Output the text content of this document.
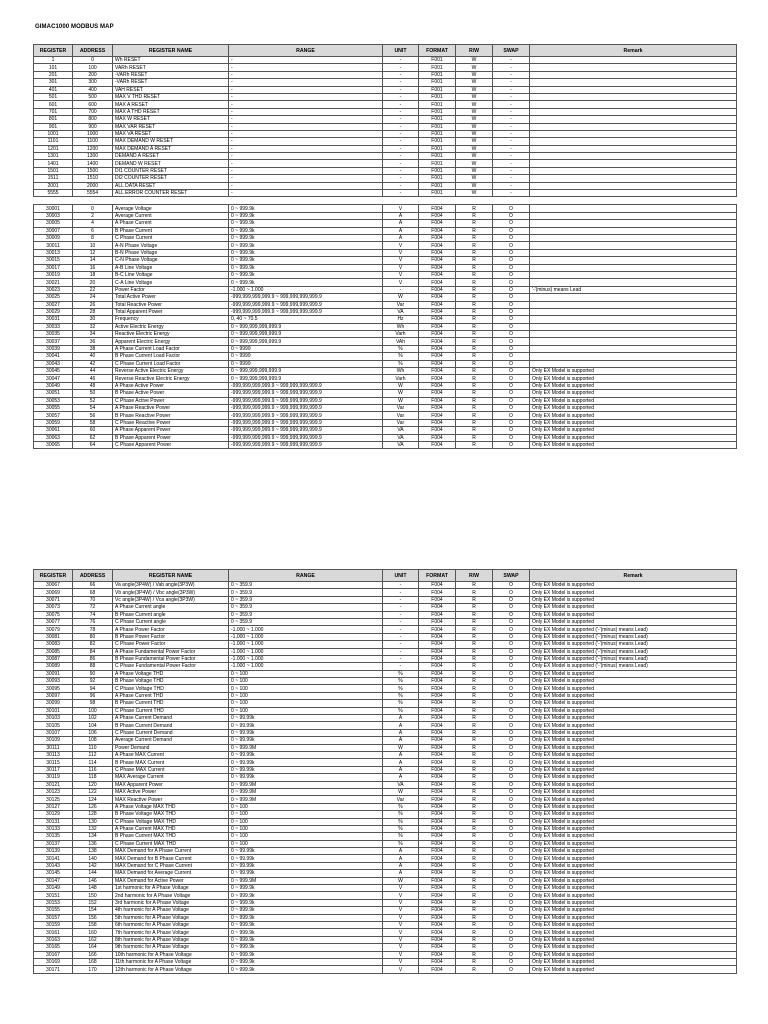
GIMAC1000 MODBUS MAP
REGISTER	ADDRESS	REGISTER NAME	RANGE	UNIT	FORMAT	R/W	SWAP	Remark
1	0	Wh RESET	-	-	F001	W	-	
101	100	VARh RESET	-	-	F001	W	-	
201	200	-VARh RESET	-	-	F001	W	-	
301	300	-VARh RESET	-	-	F001	W	-	
401	400	VAH RESET	-	-	F001	W	-	
501	500	MAX V THD RESET	-	-	F001	W	-	
601	600	MAX A RESET	-	-	F001	W	-	
701	700	MAX A THD RESET	-	-	F001	W	-	
801	800	MAX W RESET	-	-	F001	W	-	
901	900	MAX VAR RESET	-	-	F001	W	-	
1001	1000	MAX VA RESET	-	-	F001	W	-	
1101	1100	MAX DEMAND W RESET	-	-	F001	W	-	
1201	1200	MAX DEMAND A RESET	-	-	F001	W	-	
1301	1300	DEMAND A RESET	-	-	F001	W	-	
1401	1400	DEMAND W RESET	-	-	F001	W	-	
1501	1500	DI1 COUNTER RESET	-	-	F001	W	-	
1511	1510	DI2 COUNTER RESET	-	-	F001	W	-	
2001	2000	ALL DATA RESET	-	-	F001	W	-	
5555	5554	ALL ERROR COUNTER RESET	-	-	F001	W	-	

30001	0	Average Voltage	0 ~ 999.9k	V	F004	R	O	
30003	2	Average Current	0 ~ 999.9k	A	F004	R	O	
30005	4	A Phase Current	0 ~ 999.9k	A	F004	R	O	
30007	6	B Phase Current	0 ~ 999.9k	A	F004	R	O	
30009	8	C Phase Current	0 ~ 999.9k	A	F004	R	O	
30011	10	A-N Phase Voltage	0 ~ 999.9k	V	F004	R	O	
30013	12	B-N Phase Voltage	0 ~ 999.9k	V	F004	R	O	
30015	14	C-N Phase Voltage	0 ~ 999.9k	V	F004	R	O	
30017	16	A-B Line Voltage	0 ~ 999.9k	V	F004	R	O	
30019	18	B-C Line Voltage	0 ~ 999.9k	V	F004	R	O	
30021	20	C-A Line Voltage	0 ~ 999.9k	V	F004	R	O	
30023	22	Power Factor	-1.000 ~ 1.000	-	F004	R	O	'-'(minus) means Lead
30025	24	Total Active Power	-999,999,999,999.9 ~ 999,999,999,999.9	W	F004	R	O	
30027	26	Total Reactive Power	-999,999,999,999.9 ~ 999,999,999,999.9	Var	F004	R	O	
30029	28	Total Apparent Power	-999,999,999,999.9 ~ 999,999,999,999.9	VA	F004	R	O	
30031	30	Frequency	0, 40 ~ 70.5	Hz	F004	R	O	
30033	32	Active Electric Energy	0 ~ 999,999,999,999.9	Wh	F004	R	O	
30035	34	Reactive Electric Energy	0 ~ 999,999,999,999.9	Varh	F004	R	O	
30037	36	Apparent Electric Energy	0 ~ 999,999,999,999.9	VAh	F004	R	O	
30039	38	A Phase Current Load Factor	0 ~ 9999	%	F004	R	O	
30041	40	B Phase Current Load Factor	0 ~ 9999	%	F004	R	O	
30043	42	C Phase Current Load Factor	0 ~ 9999	%	F004	R	O	
30045	44	Reverse Active Electric Energy	0 ~ 999,999,999,999.9	Wh	F004	R	O	Only EX Model is supported
30047	46	Reverse Reactive Electric Energy	0 ~ 999,999,999,999.9	Varh	F004	R	O	Only EX Model is supported
30049	48	A Phase Active Power	-999,999,999,999.9 ~ 999,999,999,999.9	W	F004	R	O	Only EX Model is supported
30051	50	B Phase Active Power	-999,999,999,999.9 ~ 999,999,999,999.9	W	F004	R	O	Only EX Model is supported
30053	52	C Phase Active Power	-999,999,999,999.9 ~ 999,999,999,999.9	W	F004	R	O	Only EX Model is supported
30055	54	A Phase Reactive Power	-999,999,999,999.9 ~ 999,999,999,999.9	Var	F004	R	O	Only EX Model is supported
30057	56	B Phase Reactive Power	-999,999,999,999.9 ~ 999,999,999,999.9	Var	F004	R	O	Only EX Model is supported
30059	58	C Phase Reactive Power	-999,999,999,999.9 ~ 999,999,999,999.9	Var	F004	R	O	Only EX Model is supported
30061	60	A Phase Apparent Power	-999,999,999,999.9 ~ 999,999,999,999.9	VA	F004	R	O	Only EX Model is supported
30063	62	B Phase Apparent Power	-999,999,999,999.9 ~ 999,999,999,999.9	VA	F004	R	O	Only EX Model is supported
30065	64	C Phase Apparent Power	-999,999,999,999.9 ~ 999,999,999,999.9	VA	F004	R	O	Only EX Model is supported
REGISTER	ADDRESS	REGISTER NAME	RANGE	UNIT	FORMAT	R/W	SWAP	Remark
30067	66	Va angle(3P4W) / Vab angle(3P3W)	0 ~ 359.9	-	F004	R	O	Only EX Model is supported
30069	68	Vb angle(3P4W) / Vbc angle(3P3W)	0 ~ 359.9	-	F004	R	O	Only EX Model is supported
30071	70	Vc angle(3P4W) / Vca angle(3P3W)	0 ~ 359.9	-	F004	R	O	Only EX Model is supported
30073	72	A Phase Current angle	0 ~ 359.9	-	F004	R	O	Only EX Model is supported
30075	74	B Phase Current angle	0 ~ 359.9	-	F004	R	O	Only EX Model is supported
30077	76	C Phase Current angle	0 ~ 359.9	-	F004	R	O	Only EX Model is supported
30079	78	A Phase Power Factor	-1.000 ~ 1.000	-	F004	R	O	Only EX Model is supported ('-'(minus) means Lead)
30081	80	B Phase Power Factor	-1.000 ~ 1.000	-	F004	R	O	Only EX Model is supported ('-'(minus) means Lead)
30083	82	C Phase Power Factor	-1.000 ~ 1.000	-	F004	R	O	Only EX Model is supported ('-'(minus) means Lead)
30085	84	A Phase Fundamental Power Factor	-1.000 ~ 1.000	-	F004	R	O	Only EX Model is supported ('-'(minus) means Lead)
30087	86	B Phase Fundamental Power Factor	-1.000 ~ 1.000	-	F004	R	O	Only EX Model is supported ('-'(minus) means Lead)
30089	88	C Phase Fundamental Power Factor	-1.000 ~ 1.000	-	F004	R	O	Only EX Model is supported ('-'(minus) means Lead)
30091	90	A Phase Voltage THD	0 ~ 100	%	F004	R	O	Only EX Model is supported
30093	92	B Phase Voltage THD	0 ~ 100	%	F004	R	O	Only EX Model is supported
30095	94	C Phase Voltage THD	0 ~ 100	%	F004	R	O	Only EX Model is supported
30097	96	A Phase Current THD	0 ~ 100	%	F004	R	O	Only EX Model is supported
30099	98	B Phase Current THD	0 ~ 100	%	F004	R	O	Only EX Model is supported
30101	100	C Phase Current THD	0 ~ 100	%	F004	R	O	Only EX Model is supported
30103	102	A Phase Current Demand	0 ~ 99.99k	A	F004	R	O	Only EX Model is supported
30105	104	B Phase Current Demand	0 ~ 99.99k	A	F004	R	O	Only EX Model is supported
30107	106	C Phase Current Demand	0 ~ 99.99k	A	F004	R	O	Only EX Model is supported
30109	108	Average Current Demand	0 ~ 99.99k	A	F004	R	O	Only EX Model is supported
30111	110	Power Demand	0 ~ 999.9M	W	F004	R	O	Only EX Model is supported
30113	112	A Phase MAX Current	0 ~ 99.99k	A	F004	R	O	Only EX Model is supported
30115	114	B Phase MAX Current	0 ~ 99.99k	A	F004	R	O	Only EX Model is supported
30117	116	C Phase MAX Current	0 ~ 99.99k	A	F004	R	O	Only EX Model is supported
30119	118	MAX Average Current	0 ~ 99.99k	A	F004	R	O	Only EX Model is supported
30121	120	MAX Apparent Power	0 ~ 999.9M	VA	F004	R	O	Only EX Model is supported
30123	122	MAX Active Power	0 ~ 999.9M	W	F004	R	O	Only EX Model is supported
30125	124	MAX Reactive Power	0 ~ 999.9M	Var	F004	R	O	Only EX Model is supported
30127	126	A Phase Voltage MAX THD	0 ~ 100	%	F004	R	O	Only EX Model is supported
30129	128	B Phase Voltage MAX THD	0 ~ 100	%	F004	R	O	Only EX Model is supported
30131	130	C Phase Voltage MAX THD	0 ~ 100	%	F004	R	O	Only EX Model is supported
30133	132	A Phase Current MAX THD	0 ~ 100	%	F004	R	O	Only EX Model is supported
30135	134	B Phase Current MAX THD	0 ~ 100	%	F004	R	O	Only EX Model is supported
30137	136	C Phase Current MAX THD	0 ~ 100	%	F004	R	O	Only EX Model is supported
30139	138	MAX Demand for A Phase Current	0 ~ 99.99k	A	F004	R	O	Only EX Model is supported
30141	140	MAX Demand for B Phase Current	0 ~ 99.99k	A	F004	R	O	Only EX Model is supported
30143	142	MAX Demand for C Phase Current	0 ~ 99.99k	A	F004	R	O	Only EX Model is supported
30145	144	MAX Demand for Average Current	0 ~ 99.99k	A	F004	R	O	Only EX Model is supported
30147	146	MAX Demand for Active Power	0 ~ 999.9M	W	F004	R	O	Only EX Model is supported
30149	148	1st harmonic for A Phase Voltage	0 ~ 999.9k	V	F004	R	O	Only EX Model is supported
30151	150	2nd harmonic for A Phase Voltage	0 ~ 999.9k	V	F004	R	O	Only EX Model is supported
30153	152	3rd harmonic for A Phase Voltage	0 ~ 999.9k	V	F004	R	O	Only EX Model is supported
30155	154	4th harmonic for A Phase Voltage	0 ~ 999.9k	V	F004	R	O	Only EX Model is supported
30157	156	5th harmonic for A Phase Voltage	0 ~ 999.9k	V	F004	R	O	Only EX Model is supported
30159	158	6th harmonic for A Phase Voltage	0 ~ 999.9k	V	F004	R	O	Only EX Model is supported
30161	160	7th harmonic for A Phase Voltage	0 ~ 999.9k	V	F004	R	O	Only EX Model is supported
30163	162	8th harmonic for A Phase Voltage	0 ~ 999.9k	V	F004	R	O	Only EX Model is supported
30165	164	9th harmonic for A Phase Voltage	0 ~ 999.9k	V	F004	R	O	Only EX Model is supported
30167	166	10th harmonic for A Phase Voltage	0 ~ 999.9k	V	F004	R	O	Only EX Model is supported
30169	168	11th harmonic for A Phase Voltage	0 ~ 999.9k	V	F004	R	O	Only EX Model is supported
30171	170	12th harmonic for A Phase Voltage	0 ~ 999.9k	V	F004	R	O	Only EX Model is supported
